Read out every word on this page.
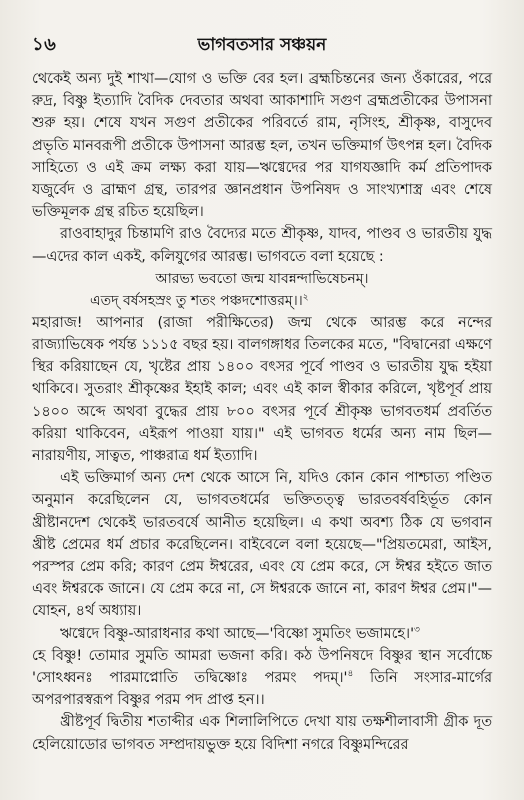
১৬	ভাগবতসার সঞ্চয়ন

থেকেই অন্য দুই শাখা—যোগ ও ভক্তি বের হল। ব্রহ্মচিন্তনের জন্য ওঁকারের, পরে রুদ্র, বিষ্ণু ইত্যাদি বৈদিক দেবতার অথবা আকাশাদি সগুণ ব্রহ্মপ্রতীকের উপাসনা শুরু হয়। শেষে যখন সগুণ প্রতীকের পরিবর্তে রাম, নৃসিংহ, শ্রীকৃষ্ণ, বাসুদেব প্রভৃতি মানবরূপী প্রতীকে উপাসনা আরম্ভ হল, তখন ভক্তিমার্গ উৎপন্ন হল। বৈদিক সাহিত্যে ও এই ক্রম লক্ষ্য করা যায়—ঋগ্বেদের পর যাগযজ্ঞাদি কর্ম প্রতিপাদক যজুর্বেদ ও ব্রাহ্মণ গ্রন্থ, তারপর জ্ঞানপ্রধান উপনিষদ ও সাংখ্যশাস্ত্র এবং শেষে ভক্তিমূলক গ্রন্থ রচিত হয়েছিল।

রাওবাহাদুর চিন্তামণি রাও বৈদ্যের মতে শ্রীকৃষ্ণ, যাদব, পাণ্ডব ও ভারতীয় যুদ্ধ—এদের কাল একই, কলিযুগের আরম্ভ। ভাগবতে বলা হয়েছে :

আরভ্য ভবতো জন্ম যাবন্নন্দাভিষেচনম্।

এতদ্ বর্ষসহস্রং তু শতং পঞ্চদশোত্তরম্।।$^২$

মহারাজ! আপনার (রাজা পরীক্ষিতের) জন্ম থেকে আরম্ভ করে নন্দের রাজ্যাভিষেক পর্যন্ত ১১১৫ বছর হয়। বালগঙ্গাধর তিলকের মতে, "বিদ্বানেরা এক্ষণে স্থির করিয়াছেন যে, খৃষ্টের প্রায় ১৪০০ বৎসর পূর্বে পাণ্ডব ও ভারতীয় যুদ্ধ হইয়া থাকিবে। সুতরাং শ্রীকৃষ্ণের ইহাই কাল; এবং এই কাল স্বীকার করিলে, খৃষ্টপূর্ব প্রায় ১৪০০ অব্দে অথবা বুদ্ধের প্রায় ৮০০ বৎসর পূর্বে শ্রীকৃষ্ণ ভাগবতধর্ম প্রবর্তিত করিয়া থাকিবেন, এইরূপ পাওয়া যায়।" এই ভাগবত ধর্মের অন্য নাম ছিল—নারায়ণীয়, সাত্বত, পাঞ্চরাত্র ধর্ম ইত্যাদি।

এই ভক্তিমার্গ অন্য দেশ থেকে আসে নি, যদিও কোন কোন পাশ্চাত্য পণ্ডিত অনুমান করেছিলেন যে, ভাগবতধর্মের ভক্তিতত্ত্ব ভারতবর্ষবহির্ভূত কোন খ্রীষ্টানদেশ থেকেই ভারতবর্ষে আনীত হয়েছিল। এ কথা অবশ্য ঠিক যে ভগবান খ্রীষ্ট প্রেমের ধর্ম প্রচার করেছিলেন। বাইবেলে বলা হয়েছে—"প্রিয়তমেরা, আইস, পরস্পর প্রেম করি; কারণ প্রেম ঈশ্বরের, এবং যে প্রেম করে, সে ঈশ্বর হইতে জাত এবং ঈশ্বরকে জানে। যে প্রেম করে না, সে ঈশ্বরকে জানে না, কারণ ঈশ্বর প্রেম।"—যোহন, ৪র্থ অধ্যায়।

ঋগ্বেদে বিষ্ণু-আরাধনার কথা আছে—'বিষ্ণো সুমতিং $ভজামহে।'^৩$

হে বিষ্ণু! তোমার সুমতি আমরা ভজনা করি। কঠ উপনিষদে বিষ্ণুর স্থান সর্বোচ্চে 'সোঽধ্বনঃ পারমাপ্নোতি তদ্বিষ্ণোঃ পরমং $পদম্।'^৪$ তিনি সংসার-মার্গের অপরপারস্বরূপ বিষ্ণুর পরম পদ প্রাপ্ত হন।।

খ্রীষ্টপূর্ব দ্বিতীয় শতাব্দীর এক শিলালিপিতে দেখা যায় তক্ষশীলাবাসী গ্রীক দূত হেলিয়োডোর ভাগবত সম্প্রদায়ভুক্ত হয়ে বিদিশা নগরে বিষ্ণুমন্দিরের
